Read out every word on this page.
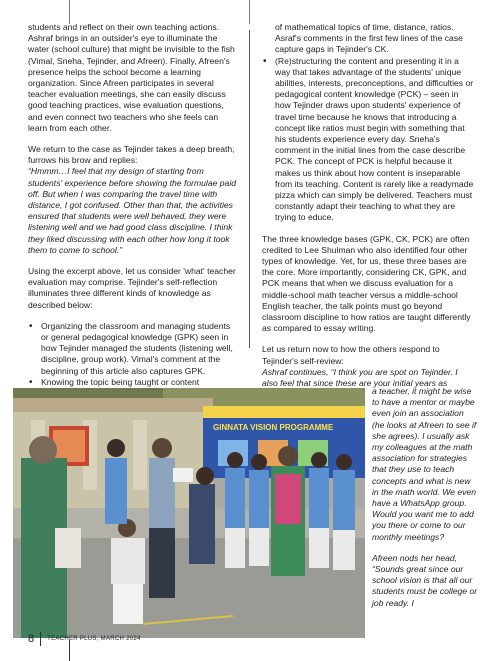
students and reflect on their own teaching actions. Ashraf brings in an outsider's eye to illuminate the water (school culture) that might be invisible to the fish (Vimal, Sneha, Tejinder, and Afreen). Finally, Afreen's presence helps the school become a learning organization. Since Afreen participates in several teacher evaluation meetings, she can easily discuss good teaching practices, wise evaluation questions, and even connect two teachers who she feels can learn from each other.

We return to the case as Tejinder takes a deep breath, furrows his brow and replies:
“Hmmm…I feel that my design of starting from students' experience before showing the formulae paid off. But when I was comparing the travel time with distance, I got confused. Other than that, the activities ensured that students were well behaved, they were listening well and we had good class discipline. I think they liked discussing with each other how long it took them to come to school.”

Using the excerpt above, let us consider 'what' teacher evaluation may comprise. Tejinder's self-reflection illuminates three different kinds of knowledge as described below:

• Organizing the classroom and managing students or general pedagogical knowledge (GPK) seen in how Tejinder managed the students (listening well, discipline, group work). Vimal's comment at the beginning of this article also captures GPK.
• Knowing the topic being taught or content

of mathematical topics of time, distance, ratios. Asraf's comments in the first few lines of the case capture gaps in Tejinder's CK.

• (Re)structuring the content and presenting it in a way that takes advantage of the students' unique abilities, interests, preconceptions, and difficulties or pedagogical content knowledge (PCK) – seen in how Tejinder draws upon students' experience of travel time because he knows that introducing a concept like ratios must begin with something that his students experience every day. Sneha's comment in the initial lines from the case describe PCK. The concept of PCK is helpful because it makes us think about how content is inseparable from its teaching. Content is rarely like a readymade pizza which can simply be delivered. Teachers must constantly adapt their teaching to what they are trying to educe.

The three knowledge bases (GPK, CK, PCK) are often credited to Lee Shulman who also identified four other types of knowledge. Yet, for us, these three bases are the core. More importantly, considering CK, GPK, and PCK means that when we discuss evaluation for a middle-school math teacher versus a middle-school English teacher, the talk points must go beyond classroom discipline to how ratios are taught differently as compared to essay writing.

Let us return now to how the others respond to Tejinder's self-review:
Ashraf continues, “I think you are spot on Tejinder. I also feel that since these are your initial years as

GINNATA VISION PROGRAMME

a teacher, it might be wise to have a mentor or maybe even join an association (he looks at Afreen to see if she agrees). I usually ask my colleagues at the math association for strategies that they use to teach concepts and what is new in the math world. We even have a WhatsApp group. Would you want me to add you there or come to our monthly meetings?

Afreen nods her head, “Sounds great since our school vision is that all our students must be college or job ready. I

8 TEACHER PLUS, MARCH 2024
